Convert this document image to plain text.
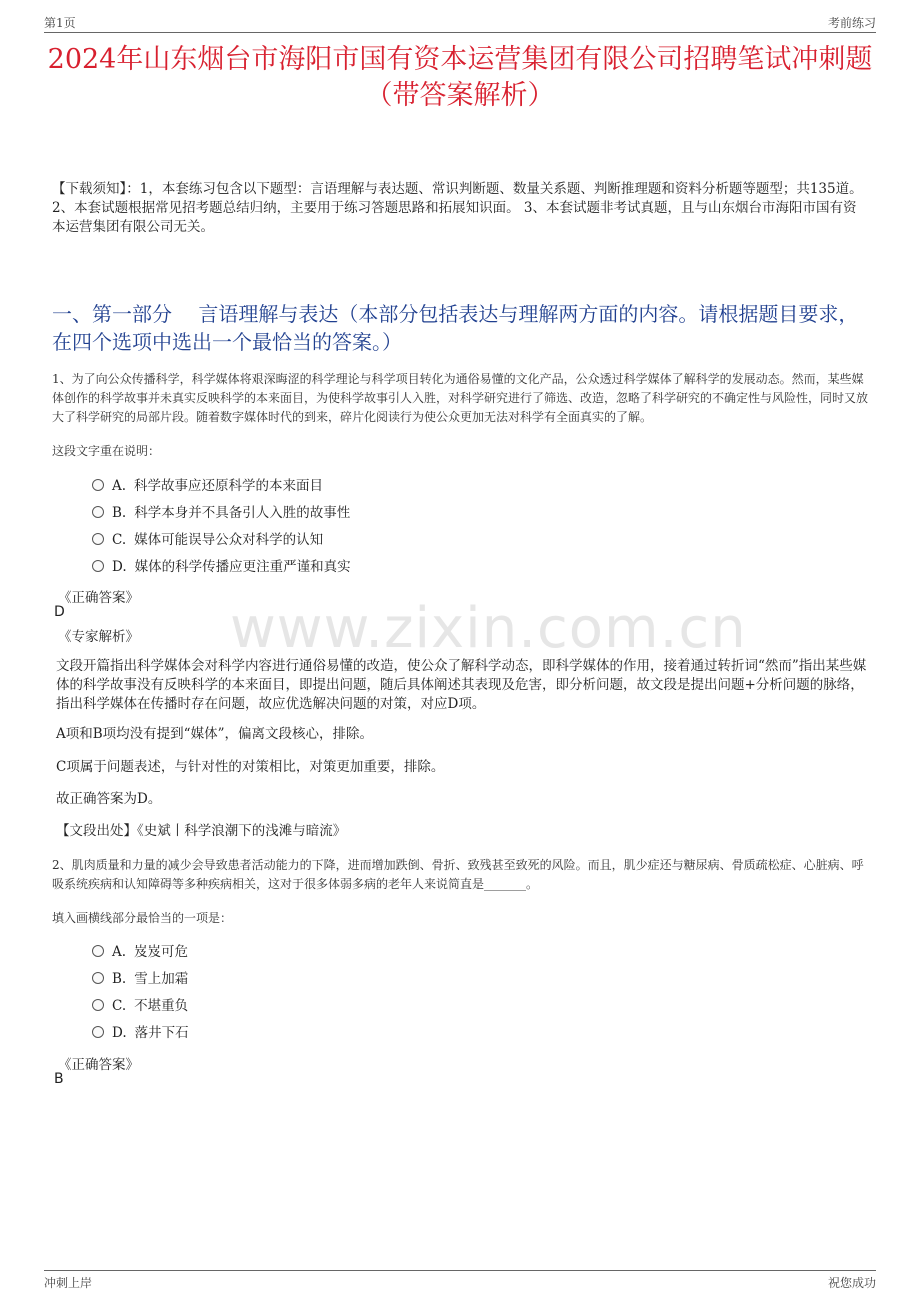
第1页	考前练习
2024年山东烟台市海阳市国有资本运营集团有限公司招聘笔试冲刺题（带答案解析）
【下载须知】：1，本套练习包含以下题型：言语理解与表达题、常识判断题、数量关系题、判断推理题和资料分析题等题型；共135道。 2、本套试题根据常见招考题总结归纳，主要用于练习答题思路和拓展知识面。 3、本套试题非考试真题，且与山东烟台市海阳市国有资本运营集团有限公司无关。
一、第一部分　 言语理解与表达（本部分包括表达与理解两方面的内容。请根据题目要求，在四个选项中选出一个最恰当的答案。）
www.zixin.com.cn
1、为了向公众传播科学，科学媒体将艰深晦涩的科学理论与科学项目转化为通俗易懂的文化产品，公众透过科学媒体了解科学的发展动态。然而，某些媒体创作的科学故事并未真实反映科学的本来面目，为使科学故事引人入胜，对科学研究进行了筛选、改造，忽略了科学研究的不确定性与风险性，同时又放大了科学研究的局部片段。随着数字媒体时代的到来，碎片化阅读行为使公众更加无法对科学有全面真实的了解。
这段文字重在说明：
A. 科学故事应还原科学的本来面目
B. 科学本身并不具备引人入胜的故事性
C. 媒体可能误导公众对科学的认知
D. 媒体的科学传播应更注重严谨和真实
《正确答案》
D
《专家解析》
文段开篇指出科学媒体会对科学内容进行通俗易懂的改造，使公众了解科学动态，即科学媒体的作用，接着通过转折词“然而”指出某些媒体的科学故事没有反映科学的本来面目，即提出问题，随后具体阐述其表现及危害，即分析问题，故文段是提出问题+分析问题的脉络，指出科学媒体在传播时存在问题，故应优选解决问题的对策，对应D项。
A项和B项均没有提到“媒体”，偏离文段核心，排除。
C项属于问题表述，与针对性的对策相比，对策更加重要，排除。
故正确答案为D。
【文段出处】《史斌丨科学浪潮下的浅滩与暗流》
2、肌肉质量和力量的减少会导致患者活动能力的下降，进而增加跌倒、骨折、致残甚至致死的风险。而且，肌少症还与糖尿病、骨质疏松症、心脏病、呼吸系统疾病和认知障碍等多种疾病相关，这对于很多体弱多病的老年人来说简直是_______。
填入画横线部分最恰当的一项是：
A. 岌岌可危
B. 雪上加霜
C. 不堪重负
D. 落井下石
《正确答案》
B
冲刺上岸	祝您成功
